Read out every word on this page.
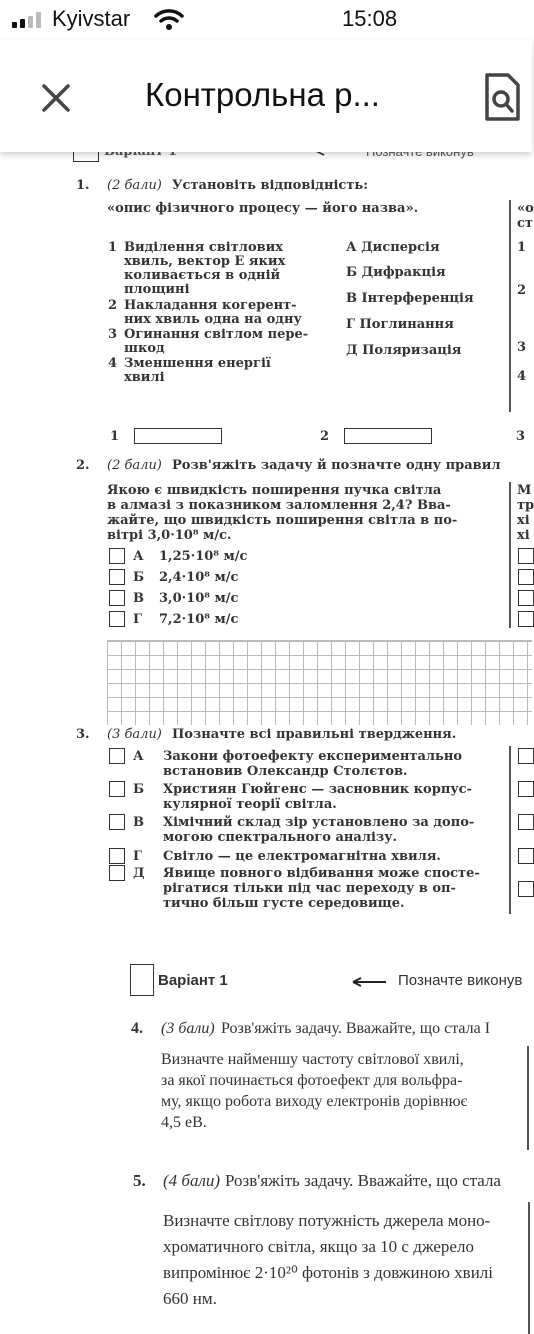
Kyivstar	15:08
Контрольна р...
1. (2 бали) Установіть відповідність:
«опис фізичного процесу — його назва».
1 Виділення світлових
хвиль, вектор E яких
коливається в одній
площині
2 Накладання когерент-
них хвиль одна на одну
3 Огинання світлом пере-
шкод
4 Зменшення енергії
хвилі
А Дисперсія
Б Дифракція
В Інтерференція
Г Поглинання
Д Поляризація
1	2	3
«о
ст
1
2
3
4
2. (2 бали) Розв'яжіть задачу й позначте одну правил
Якою є швидкість поширення пучка світла
в алмазі з показником заломлення 2,4? Вва-
жайте, що швидкість поширення світла в по-
вітрі 3,0·10⁸ м/с.
А 1,25·10⁸ м/с
Б 2,4·10⁸ м/с
В 3,0·10⁸ м/с
Г 7,2·10⁸ м/с
М
тр
хі
хі
3. (3 бали) Позначте всі правильні твердження.
А Закони фотоефекту експериментально
встановив Олександр Столєтов.
Б Християн Гюйгенс — засновник корпус-
кулярної теорії світла.
В Хімічний склад зір установлено за допо-
могою спектрального аналізу.
Г Світло — це електромагнітна хвиля.
Д Явище повного відбивання може спосте-
рігатися тільки під час переходу в оп-
тично більш густе середовище.
Варіант 1	Позначте виконув
4. (3 бали) Розв'яжіть задачу. Вважайте, що стала І
Визначте найменшу частоту світлової хвилі,
за якої починається фотоефект для вольфра-
му, якщо робота виходу електронів дорівнює
4,5 еВ.
5. (4 бали) Розв'яжіть задачу. Вважайте, що стала
Визначте світлову потужність джерела моно-
хроматичного світла, якщо за 10 с джерело
випромінює 2·10²⁰ фотонів з довжиною хвилі
660 нм.
